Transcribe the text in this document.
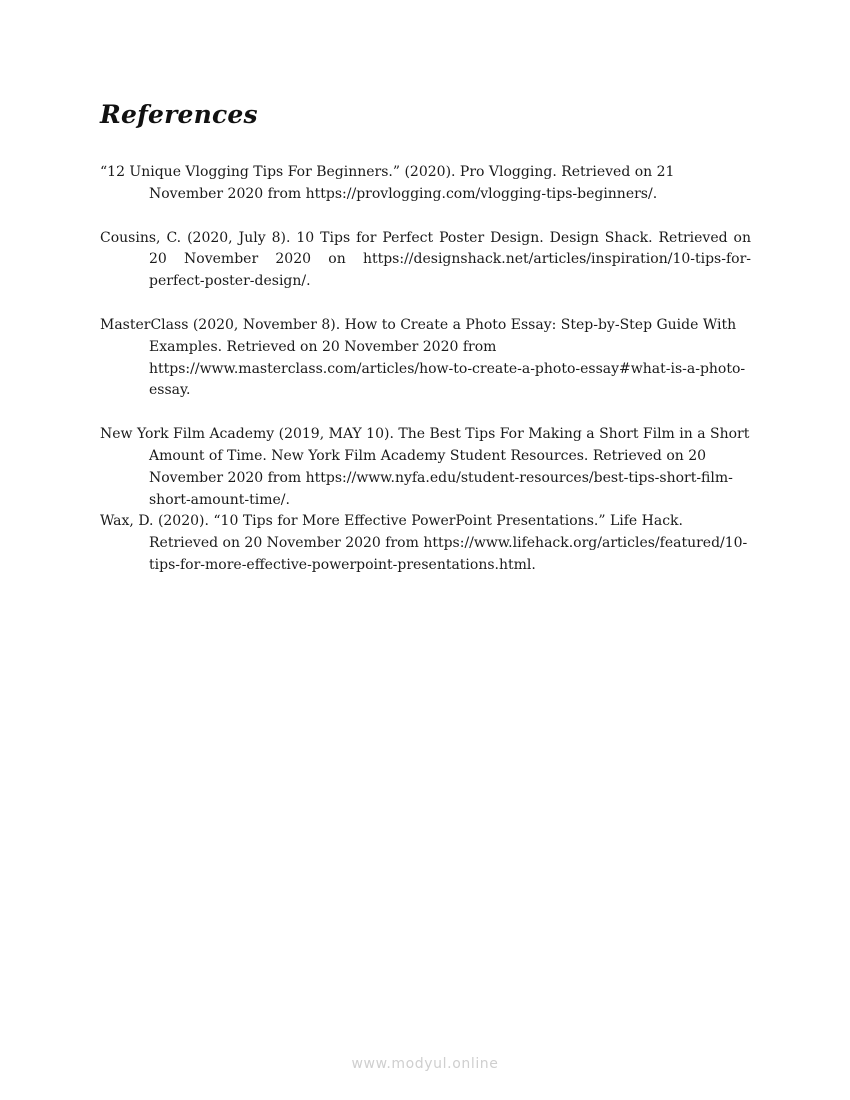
References

“12 Unique Vlogging Tips For Beginners.” (2020). Pro Vlogging. Retrieved on 21 November 2020 from https://provlogging.com/vlogging-tips-beginners/.

Cousins, C. (2020, July 8). 10 Tips for Perfect Poster Design. Design Shack. Retrieved on 20 November 2020 on https://designshack.net/articles/inspiration/10-tips-for-perfect-poster-design/.

MasterClass (2020, November 8). How to Create a Photo Essay: Step-by-Step Guide With Examples. Retrieved on 20 November 2020 from https://www.masterclass.com/articles/how-to-create-a-photo-essay#what-is-a-photo-essay.

New York Film Academy (2019, MAY 10). The Best Tips For Making a Short Film in a Short Amount of Time. New York Film Academy Student Resources. Retrieved on 20 November 2020 from https://www.nyfa.edu/student-resources/best-tips-short-film-short-amount-time/.

Wax, D. (2020). “10 Tips for More Effective PowerPoint Presentations.” Life Hack. Retrieved on 20 November 2020 from https://www.lifehack.org/articles/featured/10-tips-for-more-effective-powerpoint-presentations.html.

www.modyul.online
